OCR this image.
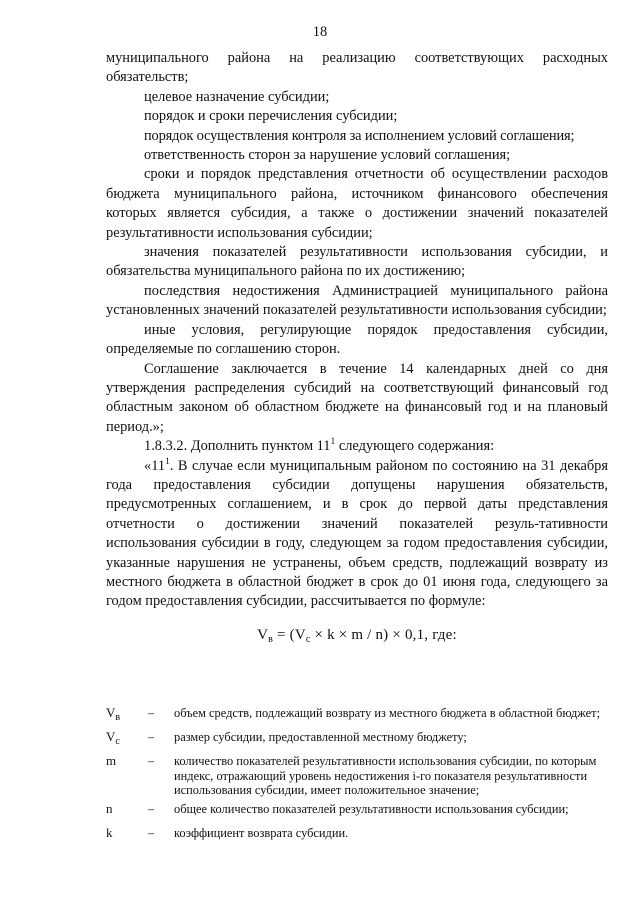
18

муниципального района на реализацию соответствующих расходных обязательств;

целевое назначение субсидии;

порядок и сроки перечисления субсидии;

порядок осуществления контроля за исполнением условий соглашения;

ответственность сторон за нарушение условий соглашения;

сроки и порядок представления отчетности об осуществлении расходов бюджета муниципального района, источником финансового обеспечения которых является субсидия, а также о достижении значений показателей результативности использования субсидии;

значения показателей результативности использования субсидии, и обязательства муниципального района по их достижению;

последствия недостижения Администрацией муниципального района установленных значений показателей результативности использования субсидии;

иные условия, регулирующие порядок предоставления субсидии, определяемые по соглашению сторон.

Соглашение заключается в течение 14 календарных дней со дня утверждения распределения субсидий на соответствующий финансовый год областным законом об областном бюджете на финансовый год и на плановый период.»;

1.8.3.2. Дополнить пунктом $11^1$ следующего содержания:

«$11^1$. В случае если муниципальным районом по состоянию на 31 декабря года предоставления субсидии допущены нарушения обязательств, предусмотренных соглашением, и в срок до первой даты представления отчетности о достижении значений показателей резуль-тативности использования субсидии в году, следующем за годом предоставления субсидии, указанные нарушения не устранены, объем средств, подлежащий возврату из местного бюджета в областной бюджет в срок до 01 июня года, следующего за годом предоставления субсидии, рассчитывается по формуле:

$V_в = (V_c \times k \times m / n) \times 0,1$, где:
$V_в$	–	объем средств, подлежащий возврату из местного бюджета в областной бюджет;
$V_c$	–	размер субсидии, предоставленной местному бюджету;
m	–	количество показателей результативности использования субсидии, по которым индекс, отражающий уровень недостижения i-го показателя результативности использования субсидии, имеет положительное значение;
n	–	общее количество показателей результативности использования субсидии;
k	–	коэффициент возврата субсидии.
